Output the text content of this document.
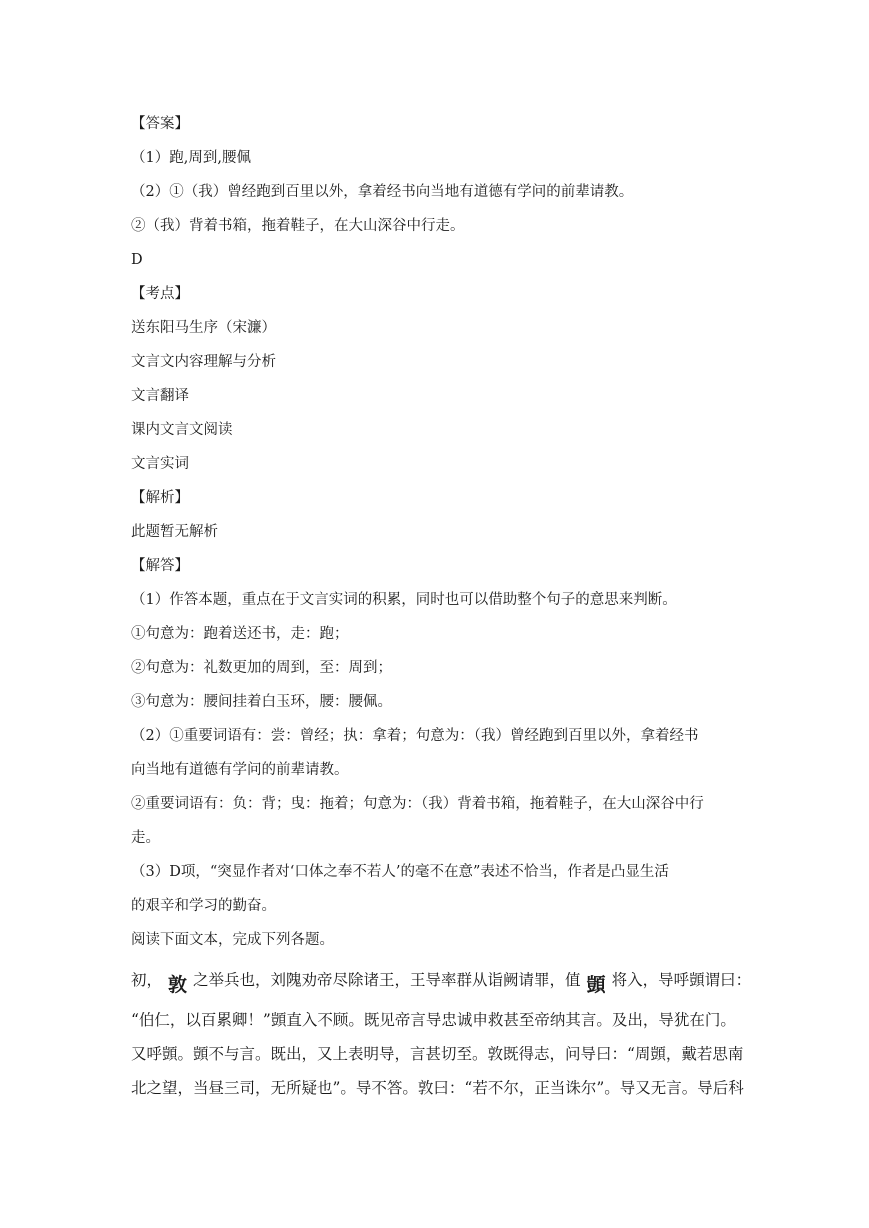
【答案】
（1）跑,周到,腰佩
（2）①（我）曾经跑到百里以外，拿着经书向当地有道德有学问的前辈请教。
②（我）背着书箱，拖着鞋子，在大山深谷中行走。
D
【考点】
送东阳马生序（宋濂）
文言文内容理解与分析
文言翻译
课内文言文阅读
文言实词
【解析】
此题暂无解析
【解答】
（1）作答本题，重点在于文言实词的积累，同时也可以借助整个句子的意思来判断。
①句意为：跑着送还书，走：跑；
②句意为：礼数更加的周到，至：周到；
③句意为：腰间挂着白玉环，腰：腰佩。
（2）①重要词语有：尝：曾经；执：拿着；句意为：（我）曾经跑到百里以外，拿着经书
向当地有道德有学问的前辈请教。
②重要词语有：负：背；曳：拖着；句意为：（我）背着书箱，拖着鞋子，在大山深谷中行
走。
（3）D项，“突显作者对‘口体之奉不若人’的毫不在意”表述不恰当，作者是凸显生活
的艰辛和学习的勤奋。
阅读下面文本，完成下列各题。
初， 敦 之举兵也，刘隗劝帝尽除诸王，王导率群从诣阙请罪，值 顗 将入，导呼顗谓曰：
“伯仁，以百累卿！”顗直入不顾。既见帝言导忠诚申救甚至帝纳其言。及出，导犹在门。
又呼顗。顗不与言。既出，又上表明导，言甚切至。敦既得志，问导曰：“周顗，戴若思南
北之望，当昼三司，无所疑也”。导不答。敦曰：“若不尔，正当诛尔”。导又无言。导后科
